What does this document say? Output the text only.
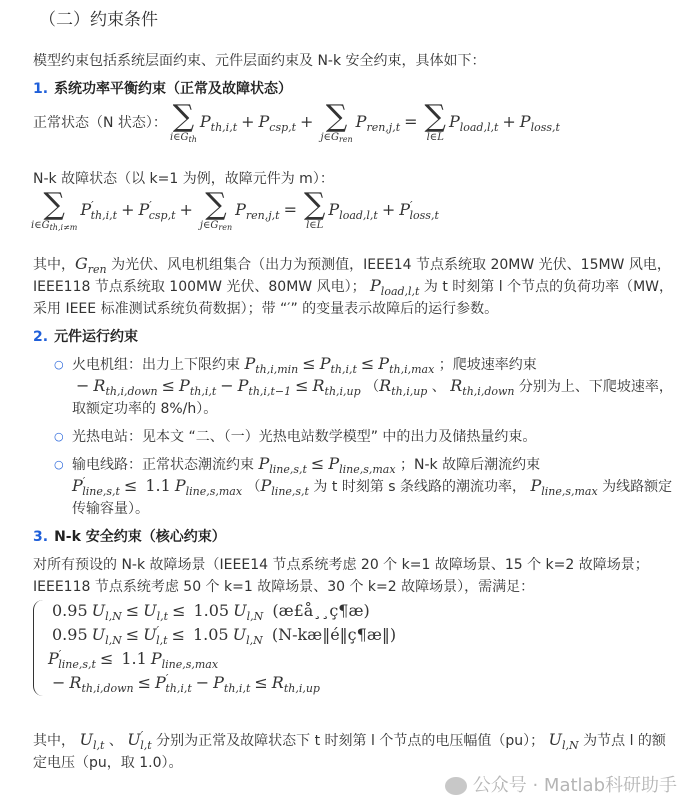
（二）约束条件
模型约束包括系统层面约束、元件层面约束及 N-k 安全约束，具体如下：
1. 系统功率平衡约束（正常及故障状态）
正常状态（N 状态）： ∑
$i\in G_{th}$
$P_{th,i,t} + P_{csp,t}$ + ∑
$j\in G_{ren}$
$P_{ren,j,t}$ = ∑
l∈L
$P_{load,l,t} + P_{loss,t}$
N-k 故障状态（以 k=1 为例，故障元件为 m）：
∑
$i\in G_{th,i\ne m}$
$P'_{th,i,t} + P'_{csp,t}$ + ∑
$j\in G_{ren}$
$P_{ren,j,t}$ = ∑
l∈L
$P_{load,l,t} + P'_{loss,t}$
其中，$G_{ren}$ 为光伏、风电机组集合（出力为预测值，IEEE14 节点系统取 20MW 光伏、15MW 风电，IEEE118 节点系统取 100MW 光伏、80MW 风电）； $P_{load,l,t}$ 为 t 时刻第 l 个节点的负荷功率（MW，采用 IEEE 标准测试系统负荷数据）；带 “′” 的变量表示故障后的运行参数。
2. 元件运行约束
○ 火电机组：出力上下限约束 $P_{th,i,min} \le P_{th,i,t} \le P_{th,i,max}$ ；爬坡速率约束 − $R_{th,i,down} \le P_{th,i,t} - P_{th,i,t-1} \le R_{th,i,up}$ （$R_{th,i,up}$ 、 $R_{th,i,down}$ 分别为上、下爬坡速率，取额定功率的 8%/h）。
○ 光热电站：见本文 “二、（一）光热电站数学模型” 中的出力及储热量约束。
○ 输电线路：正常状态潮流约束 $P_{line,s,t} \le P_{line,s,max}$ ；N-k 故障后潮流约束 $P'_{line,s,t} \le 1.1$ $P_{line,s,max}$ （$P_{line,s,t}$ 为 t 时刻第 s 条线路的潮流功率， $P_{line,s,max}$ 为线路额定传输容量）。
3. N-k 安全约束（核心约束）
对所有预设的 N-k 故障场景（IEEE14 节点系统考虑 20 个 k=1 故障场景、15 个 k=2 故障场景；IEEE118 节点系统考虑 50 个 k=1 故障场景、30 个 k=2 故障场景），需满足：
0.95 $U_{l,N} \le U_{l,t} \le 1.05$ $U_{l,N}$ (æ£å¸¸ç¶æ)
0.95 $U_{l,N} \le U'_{l,t} \le 1.05$ $U_{l,N}$ (N-kæ‖é‖ç¶æ‖)
$P'_{line,s,t} \le 1.1$ $P_{line,s,max}$
− $R_{th,i,down} \le P'_{th,i,t} - P_{th,i,t} \le R_{th,i,up}$
其中， $U_{l,t}$ 、 $U'_{l,t}$ 分别为正常及故障状态下 t 时刻第 l 个节点的电压幅值（pu）； $U_{l,N}$ 为节点 l 的额定电压（pu，取 1.0）。
公众号 · Matlab科研助手
